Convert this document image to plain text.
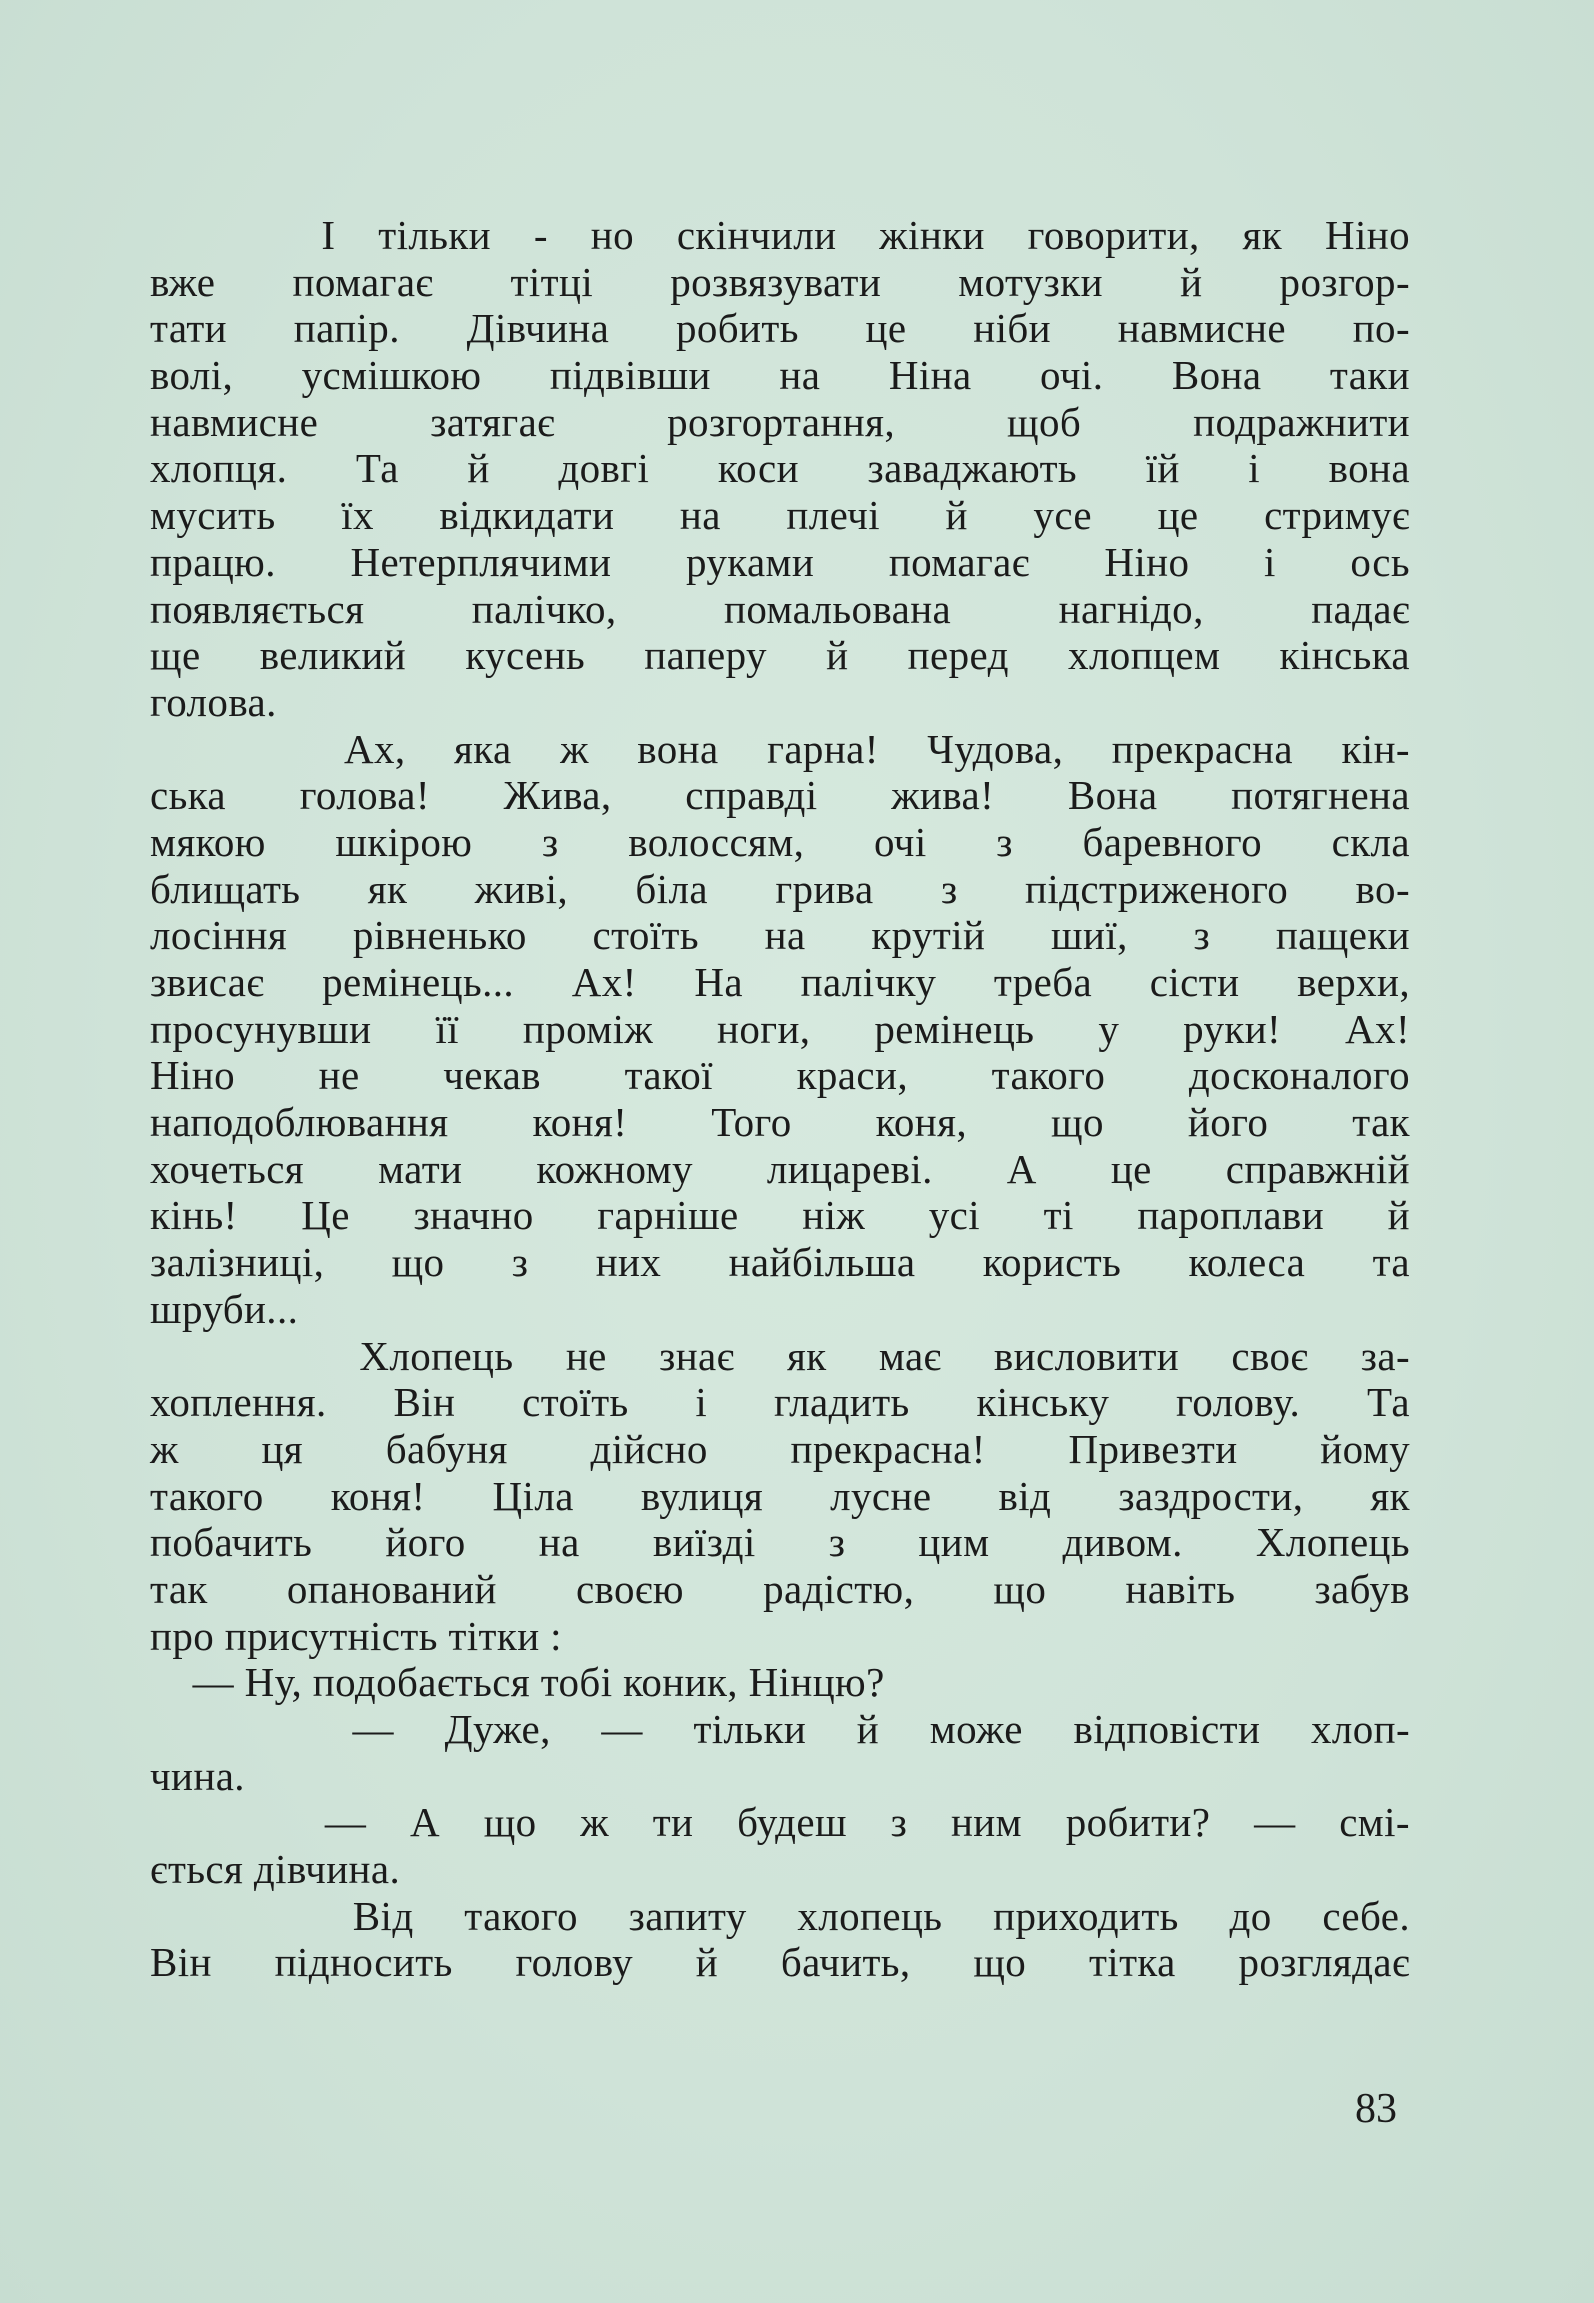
І тільки - но скінчили жінки говорити, як Ніно
вже помагає тітці розвязувати мотузки й розгор-
тати папір. Дівчина робить це ніби навмисне по-
волі, усмішкою підвівши на Ніна очі. Вона таки
навмисне затягає розгортання, щоб подражнити
хлопця. Та й довгі коси заваджають їй і вона
мусить їх відкидати на плечі й усе це стримує
працю. Нетерплячими руками помагає Ніно і ось
появляється палічко, помальована нагнідо, падає
ще великий кусень паперу й перед хлопцем кінська
голова.
Ах, яка ж вона гарна! Чудова, прекрасна кін-
ська голова! Жива, справді жива! Вона потягнена
мякою шкірою з волоссям, очі з баревного скла
блищать як живі, біла грива з підстриженого во-
лосіння рівненько стоїть на крутій шиї, з пащеки
звисає ремінець... Ах! На палічку треба сісти верхи,
просунувши її проміж ноги, ремінець у руки! Ах!
Ніно не чекав такої краси, такого досконалого
наподоблювання коня! Того коня, що його так
хочеться мати кожному лицареві. А це справжній
кінь! Це значно гарніше ніж усі ті пароплави й
залізниці, що з них найбільша користь колеса та
шруби...
Хлопець не знає як має висловити своє за-
хоплення. Він стоїть і гладить кінську голову. Та
ж ця бабуня дійсно прекрасна! Привезти йому
такого коня! Ціла вулиця лусне від заздрости, як
побачить його на виїзді з цим дивом. Хлопець
так опанований своєю радістю, що навіть забув
про присутність тітки :
— Ну, подобається тобі коник, Нінцю?
— Дуже, — тільки й може відповісти хлоп-
чина.
— А що ж ти будеш з ним робити? — смі-
ється дівчина.
Від такого запиту хлопець приходить до себе.
Він підносить голову й бачить, що тітка розглядає
83
